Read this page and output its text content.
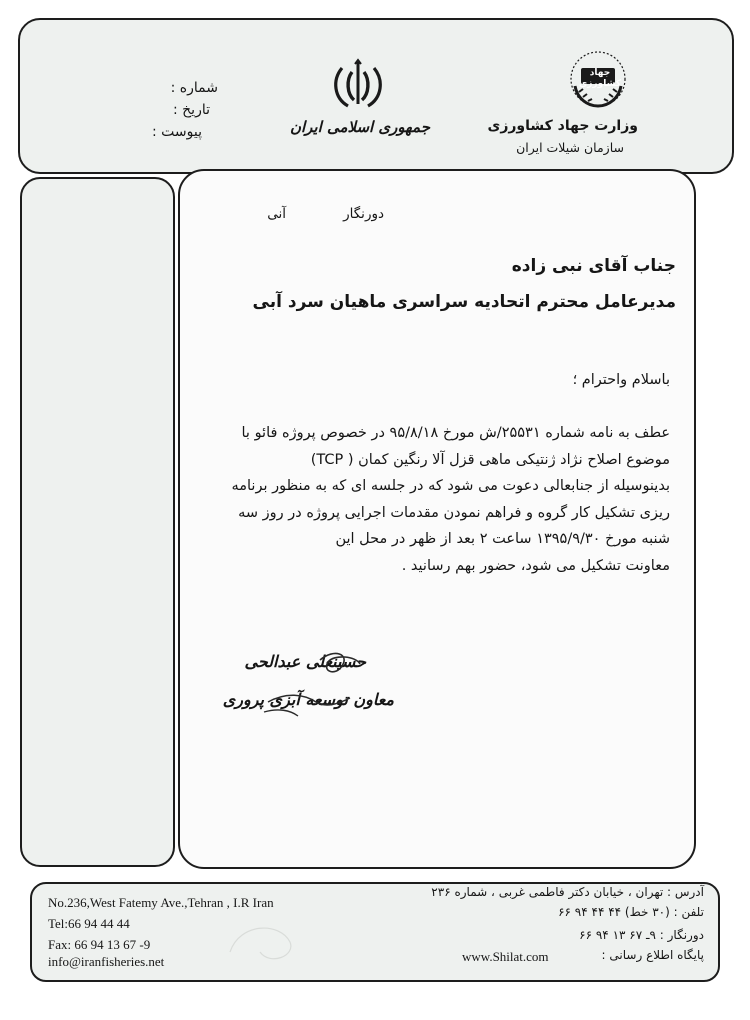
شماره :
تاریخ :
پیوست :	جمهوری اسلامی ایران
جهاد کشاورزی
وزارت جهاد کشاورزی
سازمان شیلات ایران
دورنگار
آنی
جناب آقای نبی زاده
مدیرعامل محترم اتحادیه سراسری ماهیان سرد آبی
باسلام واحترام ؛

عطف به نامه شماره ۲۵۵۳۱/ش مورخ ۹۵/۸/۱۸ در خصوص پروژه فائو با

موضوع اصلاح نژاد ژنتیکی ماهی قزل آلا رنگین کمان ( TCP)

بدینوسیله از جنابعالی دعوت می شود که در جلسه ای که به منظور برنامه

ریزی تشکیل کار گروه و فراهم نمودن مقدمات اجرایی پروژه در روز سه

شنبه مورخ ۱۳۹۵/۹/۳۰ ساعت ۲ بعد از ظهر در محل این

معاونت تشکیل می شود، حضور بهم رسانید .

حسینعلی عبدالحی
معاون توسعه آبزی پروری
No.236,West Fatemy Ave.,Tehran , I.R Iran
Tel:66 94 44 44
Fax: 66 94 13 67 -9
info@iranfisheries.net
آدرس : تهران ، خیابان دکتر فاطمی غربی ، شماره ۲۳۶
تلفن : (۳۰ خط) ۴۴ ۴۴ ۹۴ ۶۶
دورنگار : ۹ـ ۶۷ ۱۳ ۹۴ ۶۶
پایگاه اطلاع رسانی :
www.Shilat.com
